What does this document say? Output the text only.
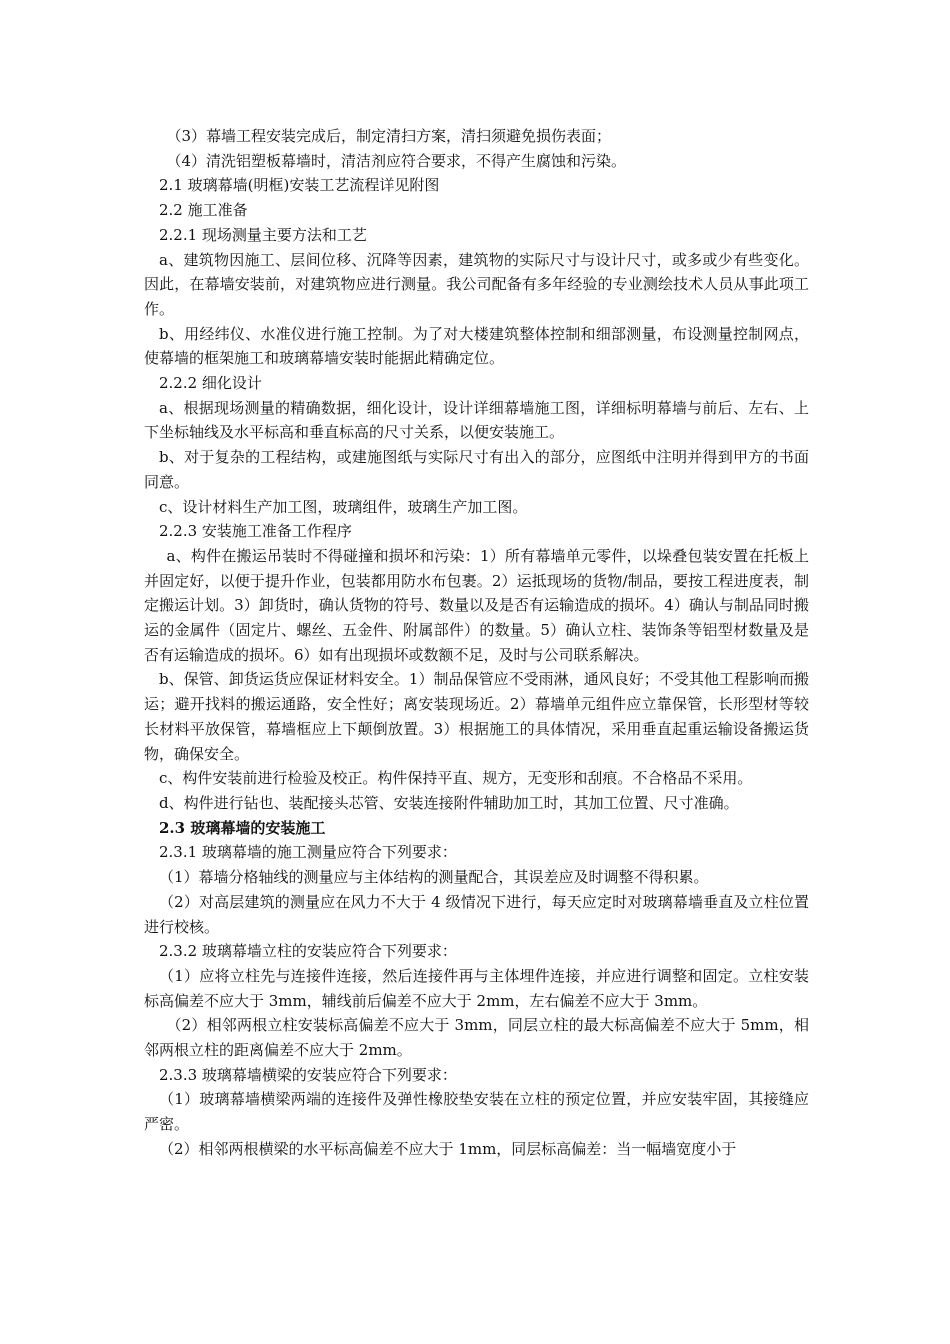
（3）幕墙工程安装完成后，制定清扫方案，清扫须避免损伤表面；

（4）清洗铝塑板幕墙时，清洁剂应符合要求，不得产生腐蚀和污染。

2.1 玻璃幕墙(明框)安装工艺流程详见附图

2.2 施工准备

2.2.1 现场测量主要方法和工艺

a、建筑物因施工、层间位移、沉降等因素，建筑物的实际尺寸与设计尺寸，或多或少有些变化。因此，在幕墙安装前，对建筑物应进行测量。我公司配备有多年经验的专业测绘技术人员从事此项工作。

b、用经纬仪、水准仪进行施工控制。为了对大楼建筑整体控制和细部测量，布设测量控制网点，使幕墙的框架施工和玻璃幕墙安装时能据此精确定位。

2.2.2 细化设计

a、根据现场测量的精确数据，细化设计，设计详细幕墙施工图，详细标明幕墙与前后、左右、上下坐标轴线及水平标高和垂直标高的尺寸关系，以便安装施工。

b、对于复杂的工程结构，或建施图纸与实际尺寸有出入的部分，应图纸中注明并得到甲方的书面同意。

c、设计材料生产加工图，玻璃组件，玻璃生产加工图。

2.2.3 安装施工准备工作程序

a、构件在搬运吊装时不得碰撞和损坏和污染：1）所有幕墙单元零件，以垛叠包装安置在托板上并固定好，以便于提升作业，包装都用防水布包裹。2）运抵现场的货物/制品，要按工程进度表，制定搬运计划。3）卸货时，确认货物的符号、数量以及是否有运输造成的损坏。4）确认与制品同时搬运的金属件（固定片、螺丝、五金件、附属部件）的数量。5）确认立柱、装饰条等铝型材数量及是否有运输造成的损坏。6）如有出现损坏或数额不足，及时与公司联系解决。

b、保管、卸货运货应保证材料安全。1）制品保管应不受雨淋，通风良好；不受其他工程影响而搬运；避开找料的搬运通路，安全性好；离安装现场近。2）幕墙单元组件应立靠保管，长形型材等较长材料平放保管，幕墙框应上下颠倒放置。3）根据施工的具体情况，采用垂直起重运输设备搬运货物，确保安全。

c、构件安装前进行检验及校正。构件保持平直、规方，无变形和刮痕。不合格品不采用。

d、构件进行钻也、装配接头芯管、安装连接附件辅助加工时，其加工位置、尺寸准确。

2.3 玻璃幕墙的安装施工

2.3.1 玻璃幕墙的施工测量应符合下列要求：

（1）幕墙分格轴线的测量应与主体结构的测量配合，其误差应及时调整不得积累。

（2）对高层建筑的测量应在风力不大于 4 级情况下进行，每天应定时对玻璃幕墙垂直及立柱位置进行校核。

2.3.2 玻璃幕墙立柱的安装应符合下列要求：

（1）应将立柱先与连接件连接，然后连接件再与主体埋件连接，并应进行调整和固定。立柱安装标高偏差不应大于 3mm，辅线前后偏差不应大于 2mm，左右偏差不应大于 3mm。

（2）相邻两根立柱安装标高偏差不应大于 3mm，同层立柱的最大标高偏差不应大于 5mm，相邻两根立柱的距离偏差不应大于 2mm。

2.3.3 玻璃幕墙横梁的安装应符合下列要求：

（1）玻璃幕墙横梁两端的连接件及弹性橡胶垫安装在立柱的预定位置，并应安装牢固，其接缝应严密。

（2）相邻两根横梁的水平标高偏差不应大于 1mm，同层标高偏差：当一幅墙宽度小于
